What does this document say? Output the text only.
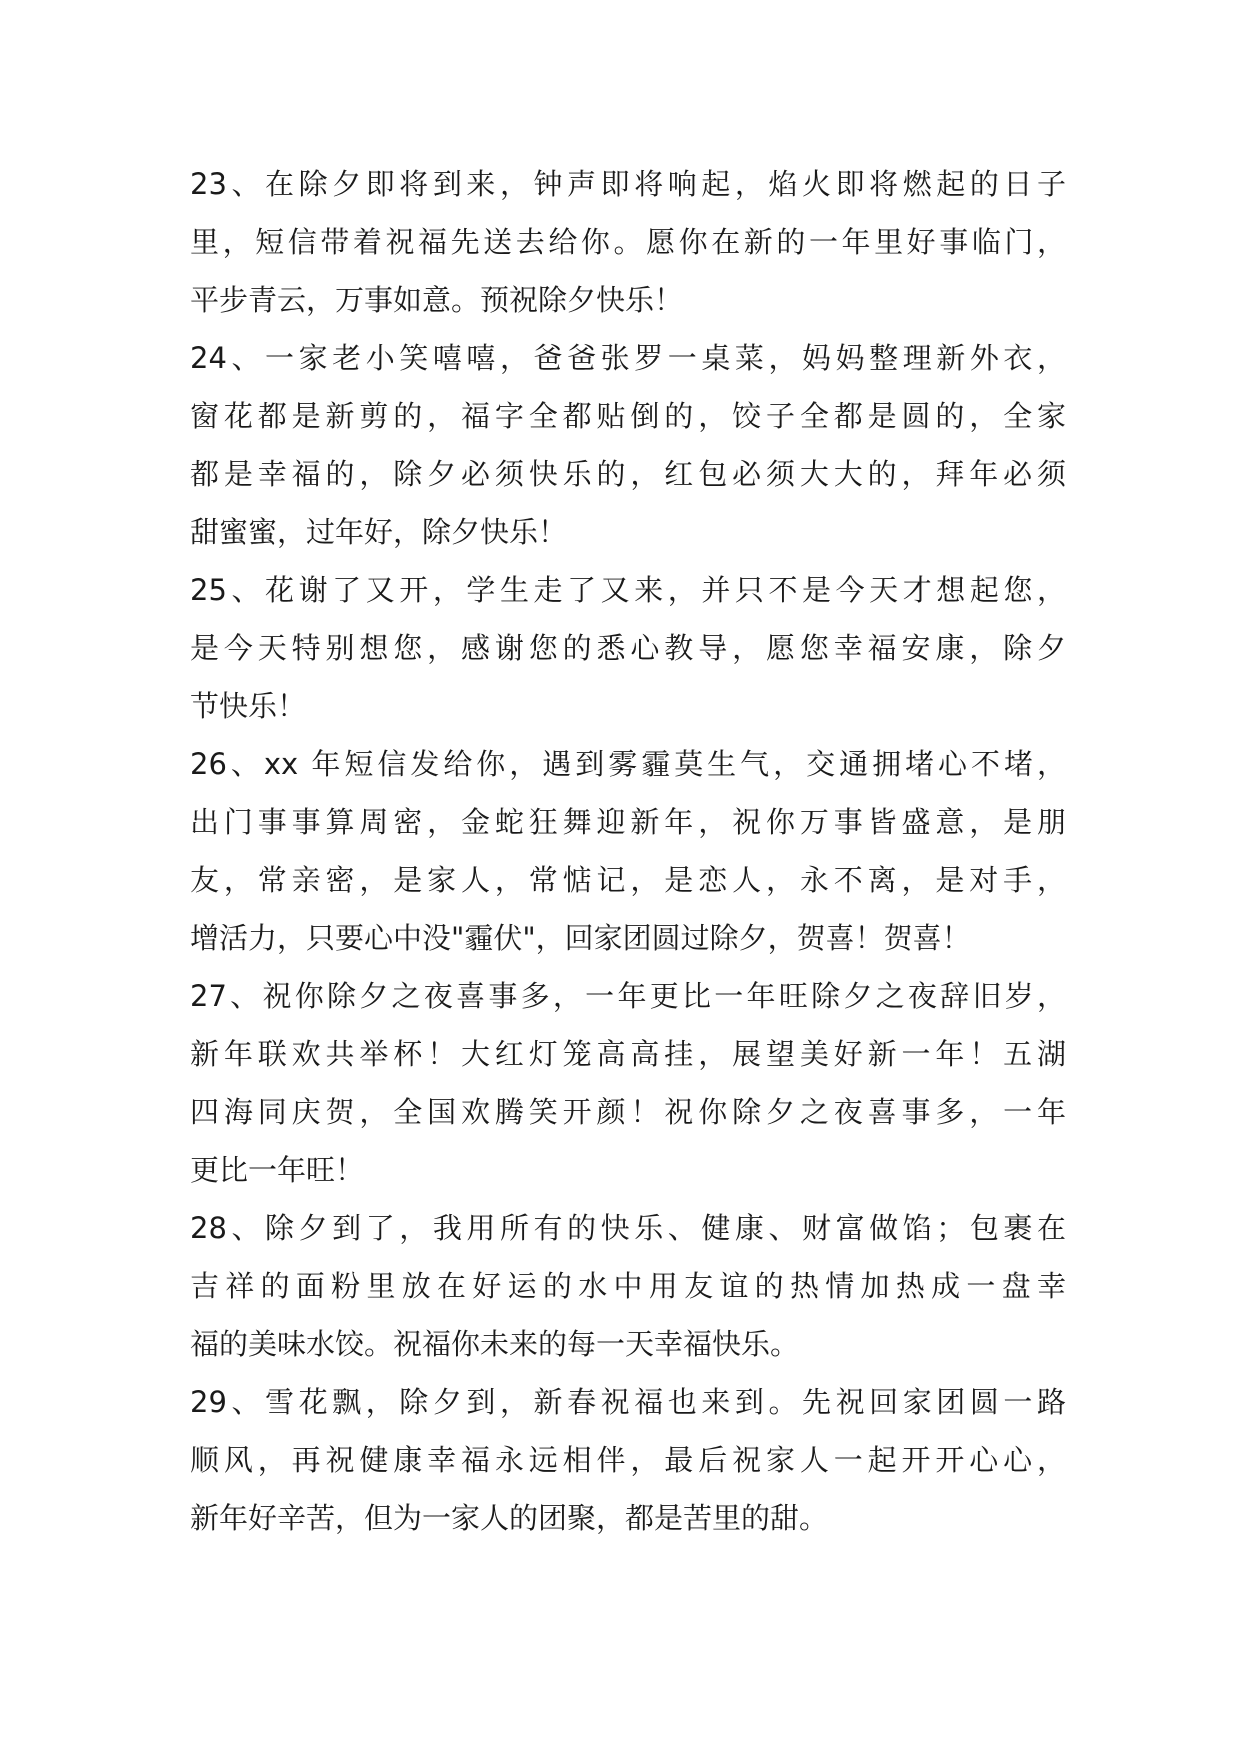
23、在除夕即将到来，钟声即将响起，焰火即将燃起的日子
里，短信带着祝福先送去给你。愿你在新的一年里好事临门，
平步青云，万事如意。预祝除夕快乐！
24、一家老小笑嘻嘻，爸爸张罗一桌菜，妈妈整理新外衣，
窗花都是新剪的，福字全都贴倒的，饺子全都是圆的，全家
都是幸福的，除夕必须快乐的，红包必须大大的，拜年必须
甜蜜蜜，过年好，除夕快乐！
25、花谢了又开，学生走了又来，并只不是今天才想起您，
是今天特别想您，感谢您的悉心教导，愿您幸福安康，除夕
节快乐！
26、xx 年短信发给你，遇到雾霾莫生气，交通拥堵心不堵，
出门事事算周密，金蛇狂舞迎新年，祝你万事皆盛意，是朋
友，常亲密，是家人，常惦记，是恋人，永不离，是对手，
增活力，只要心中没"霾伏"，回家团圆过除夕，贺喜！贺喜！
27、祝你除夕之夜喜事多，一年更比一年旺除夕之夜辞旧岁，
新年联欢共举杯！大红灯笼高高挂，展望美好新一年！五湖
四海同庆贺，全国欢腾笑开颜！祝你除夕之夜喜事多，一年
更比一年旺！
28、除夕到了，我用所有的快乐、健康、财富做馅；包裹在
吉祥的面粉里放在好运的水中用友谊的热情加热成一盘幸
福的美味水饺。祝福你未来的每一天幸福快乐。
29、雪花飘，除夕到，新春祝福也来到。先祝回家团圆一路
顺风，再祝健康幸福永远相伴，最后祝家人一起开开心心，
新年好辛苦，但为一家人的团聚，都是苦里的甜。
